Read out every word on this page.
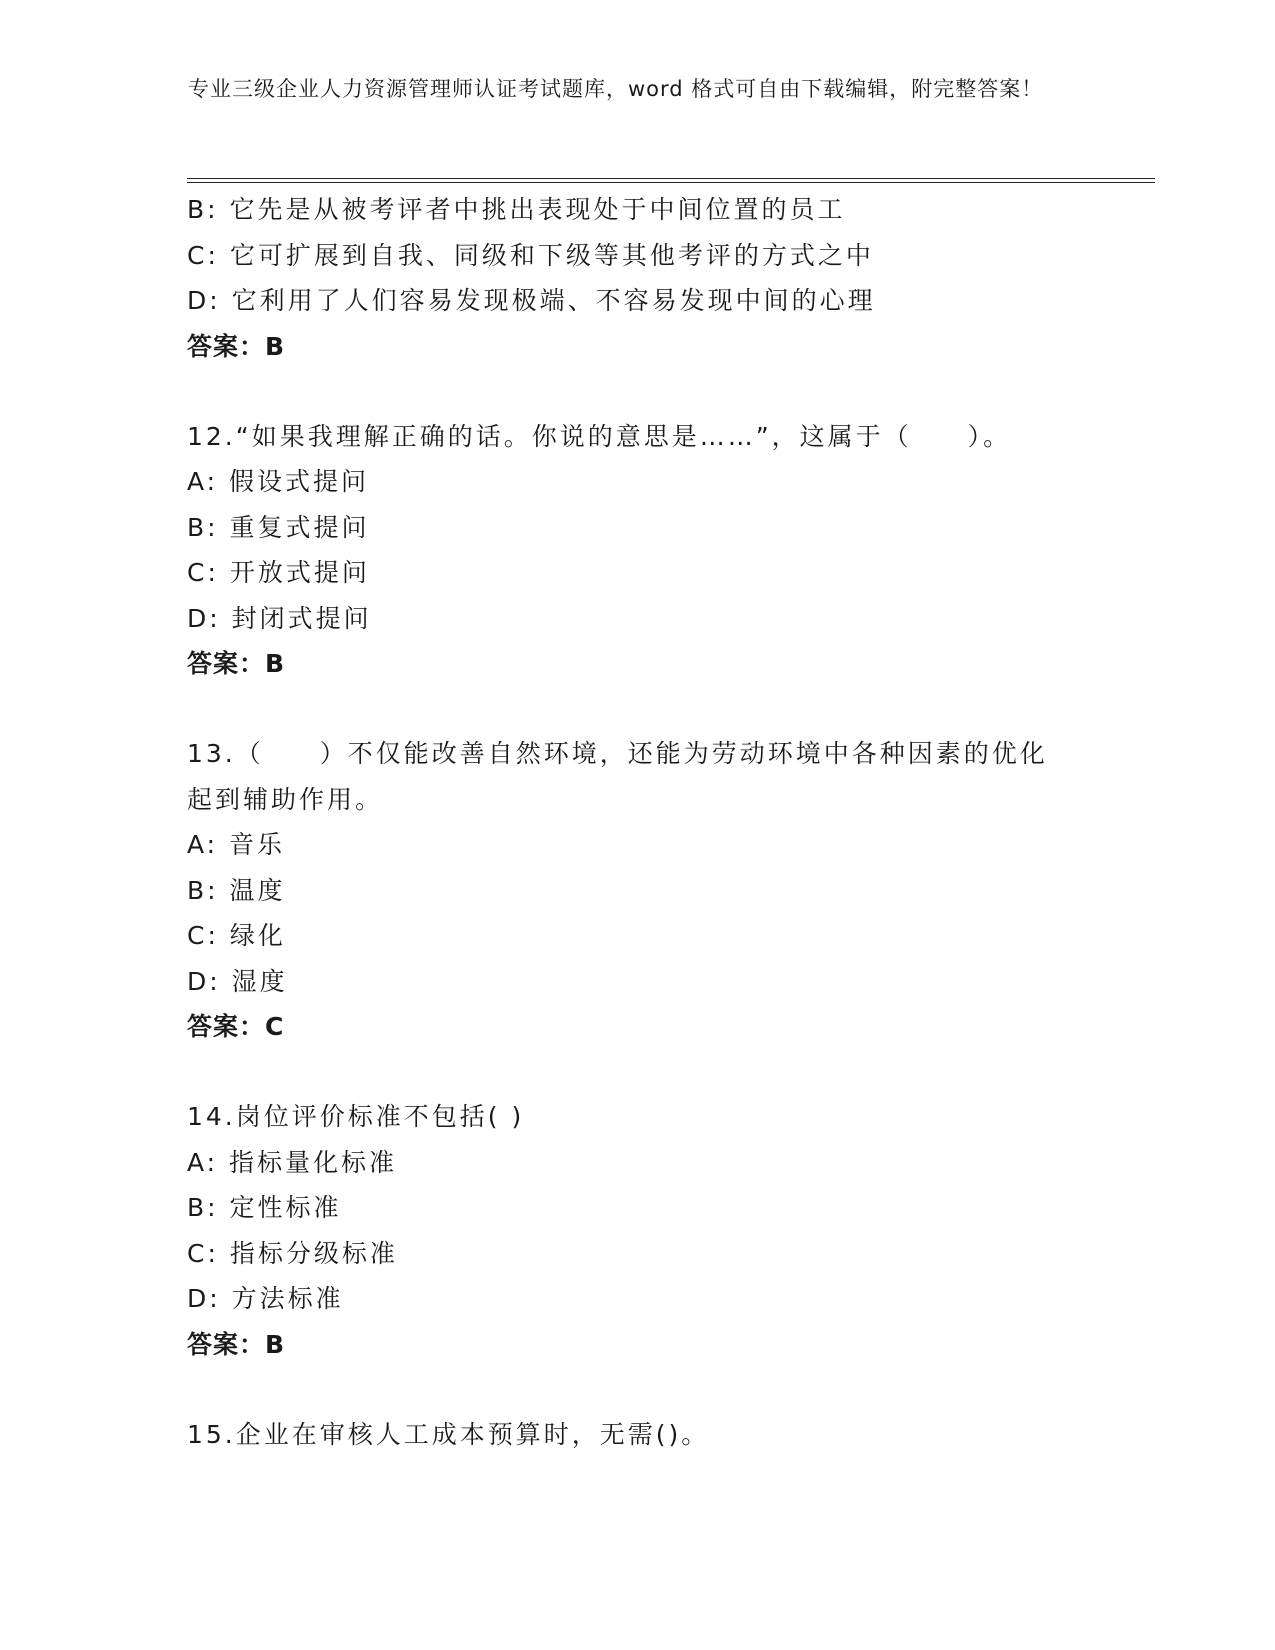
专业三级企业人力资源管理师认证考试题库，word 格式可自由下载编辑，附完整答案！
B: 它先是从被考评者中挑出表现处于中间位置的员工
C: 它可扩展到自我、同级和下级等其他考评的方式之中
D: 它利用了人们容易发现极端、不容易发现中间的心理
答案：B
12.“如果我理解正确的话。你说的意思是……”，这属于（　　）。
A: 假设式提问
B: 重复式提问
C: 开放式提问
D: 封闭式提问
答案：B
13.（　　）不仅能改善自然环境，还能为劳动环境中各种因素的优化起到辅助作用。
A: 音乐
B: 温度
C: 绿化
D: 湿度
答案：C
14.岗位评价标准不包括( )
A: 指标量化标准
B: 定性标准
C: 指标分级标准
D: 方法标准
答案：B
15.企业在审核人工成本预算时，无需()。
